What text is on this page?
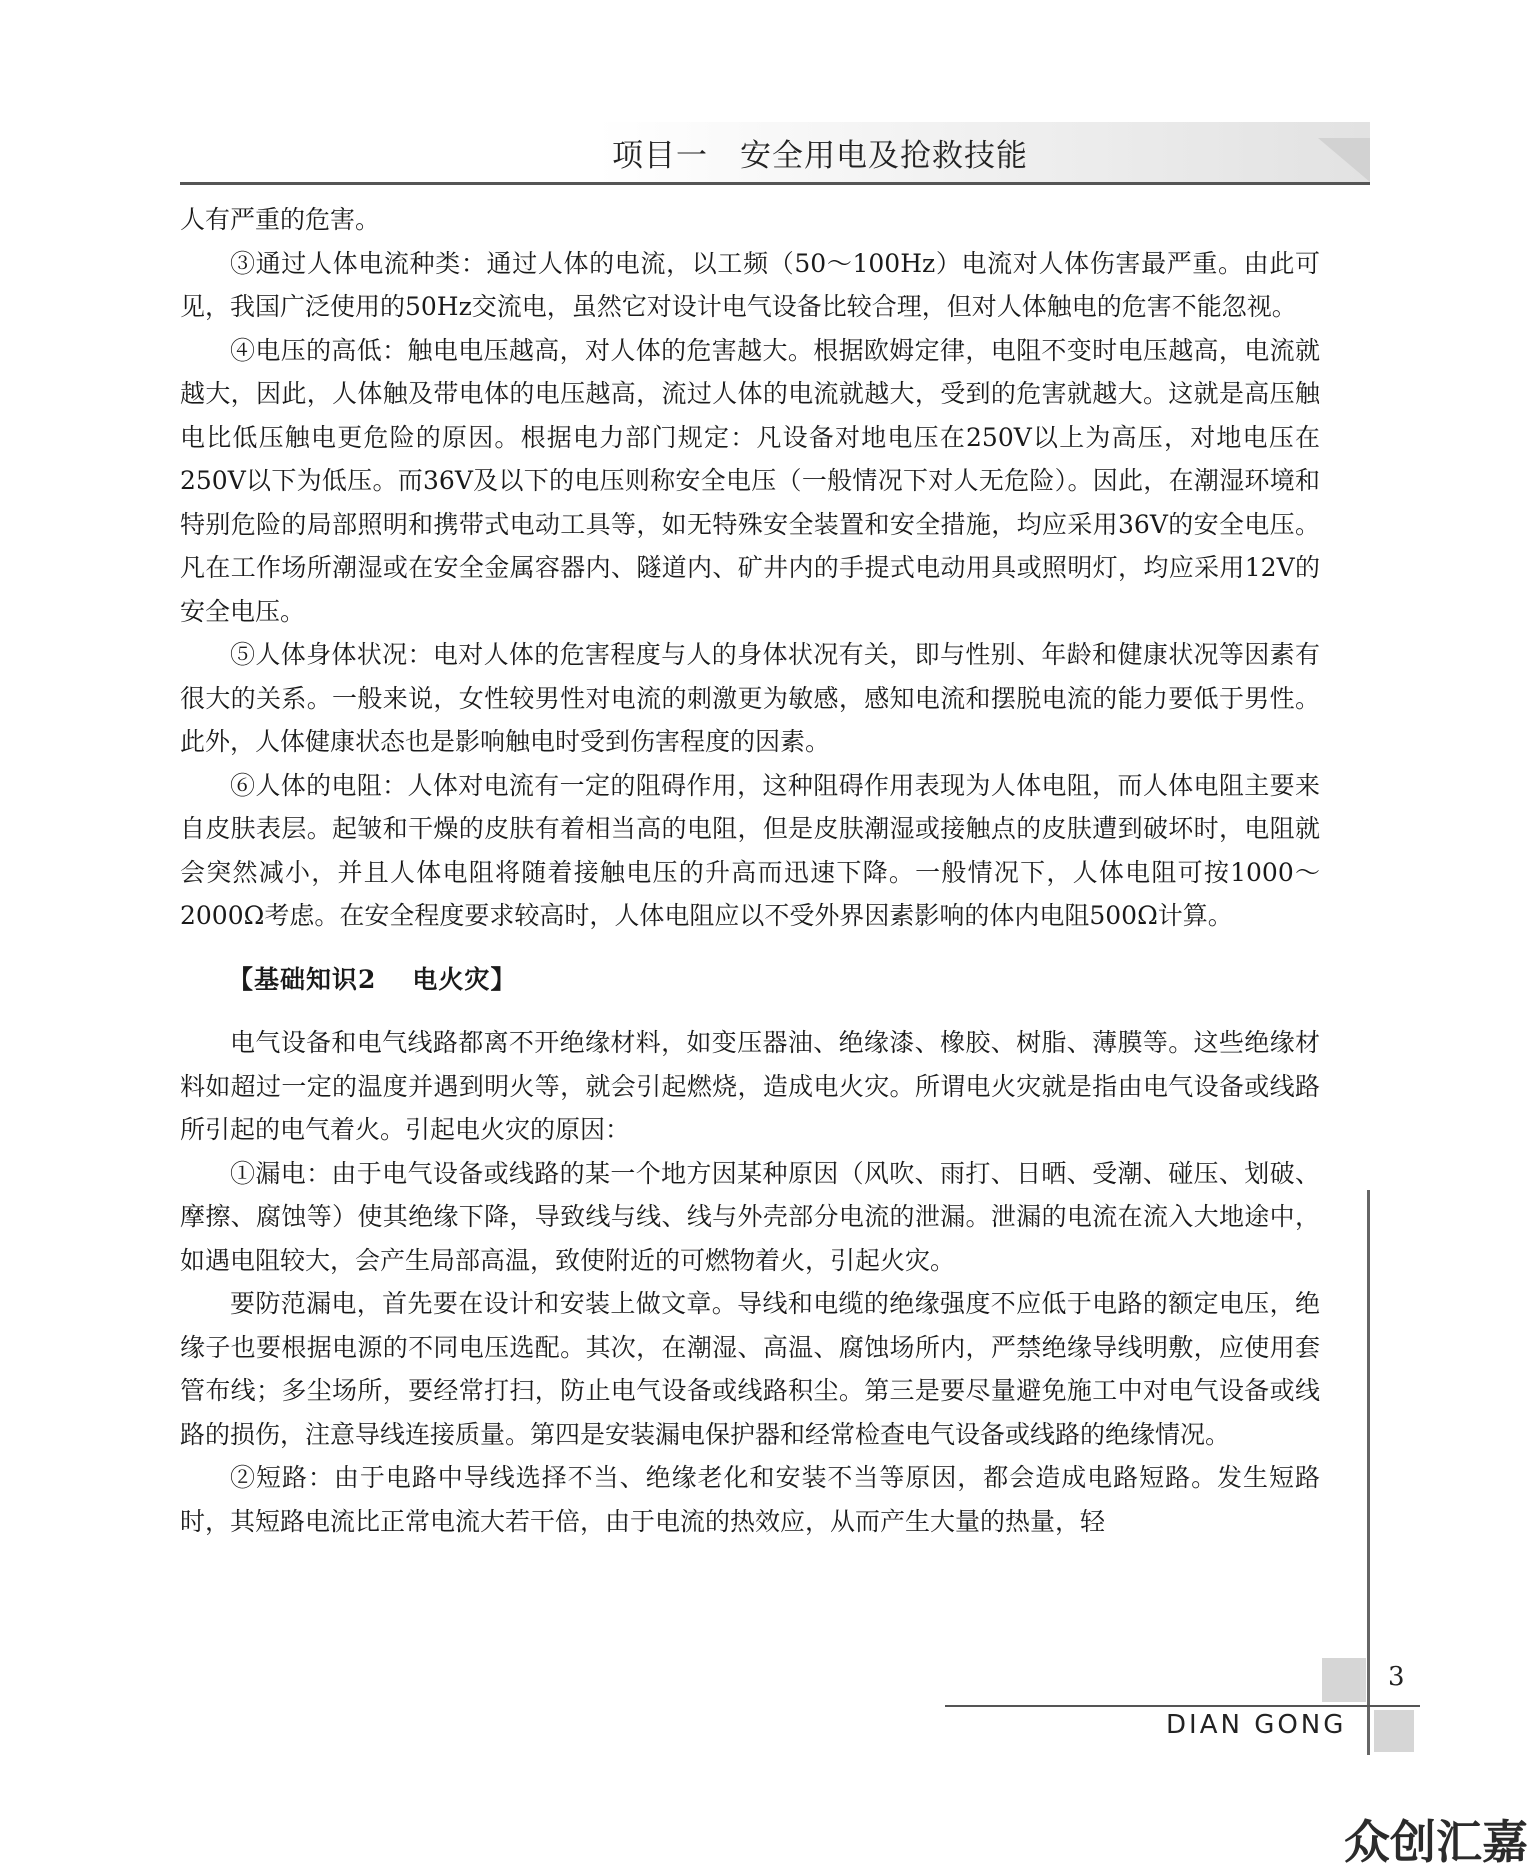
项目一　安全用电及抢救技能

人有严重的危害。

③通过人体电流种类：通过人体的电流，以工频（50～100Hz）电流对人体伤害最严重。由此可见，我国广泛使用的50Hz交流电，虽然它对设计电气设备比较合理，但对人体触电的危害不能忽视。

④电压的高低：触电电压越高，对人体的危害越大。根据欧姆定律，电阻不变时电压越高，电流就越大，因此，人体触及带电体的电压越高，流过人体的电流就越大，受到的危害就越大。这就是高压触电比低压触电更危险的原因。根据电力部门规定：凡设备对地电压在250V以上为高压，对地电压在250V以下为低压。而36V及以下的电压则称安全电压（一般情况下对人无危险）。因此，在潮湿环境和特别危险的局部照明和携带式电动工具等，如无特殊安全装置和安全措施，均应采用36V的安全电压。凡在工作场所潮湿或在安全金属容器内、隧道内、矿井内的手提式电动用具或照明灯，均应采用12V的安全电压。

⑤人体身体状况：电对人体的危害程度与人的身体状况有关，即与性别、年龄和健康状况等因素有很大的关系。一般来说，女性较男性对电流的刺激更为敏感，感知电流和摆脱电流的能力要低于男性。此外，人体健康状态也是影响触电时受到伤害程度的因素。

⑥人体的电阻：人体对电流有一定的阻碍作用，这种阻碍作用表现为人体电阻，而人体电阻主要来自皮肤表层。起皱和干燥的皮肤有着相当高的电阻，但是皮肤潮湿或接触点的皮肤遭到破坏时，电阻就会突然减小，并且人体电阻将随着接触电压的升高而迅速下降。一般情况下，人体电阻可按1000～2000Ω考虑。在安全程度要求较高时，人体电阻应以不受外界因素影响的体内电阻500Ω计算。

【基础知识2 电火灾】

电气设备和电气线路都离不开绝缘材料，如变压器油、绝缘漆、橡胶、树脂、薄膜等。这些绝缘材料如超过一定的温度并遇到明火等，就会引起燃烧，造成电火灾。所谓电火灾就是指由电气设备或线路所引起的电气着火。引起电火灾的原因：

①漏电：由于电气设备或线路的某一个地方因某种原因（风吹、雨打、日晒、受潮、碰压、划破、摩擦、腐蚀等）使其绝缘下降，导致线与线、线与外壳部分电流的泄漏。泄漏的电流在流入大地途中，如遇电阻较大，会产生局部高温，致使附近的可燃物着火，引起火灾。

要防范漏电，首先要在设计和安装上做文章。导线和电缆的绝缘强度不应低于电路的额定电压，绝缘子也要根据电源的不同电压选配。其次，在潮湿、高温、腐蚀场所内，严禁绝缘导线明敷，应使用套管布线；多尘场所，要经常打扫，防止电气设备或线路积尘。第三是要尽量避免施工中对电气设备或线路的损伤，注意导线连接质量。第四是安装漏电保护器和经常检查电气设备或线路的绝缘情况。

②短路：由于电路中导线选择不当、绝缘老化和安装不当等原因，都会造成电路短路。发生短路时，其短路电流比正常电流大若干倍，由于电流的热效应，从而产生大量的热量，轻

3
DIAN GONG
众创汇嘉
